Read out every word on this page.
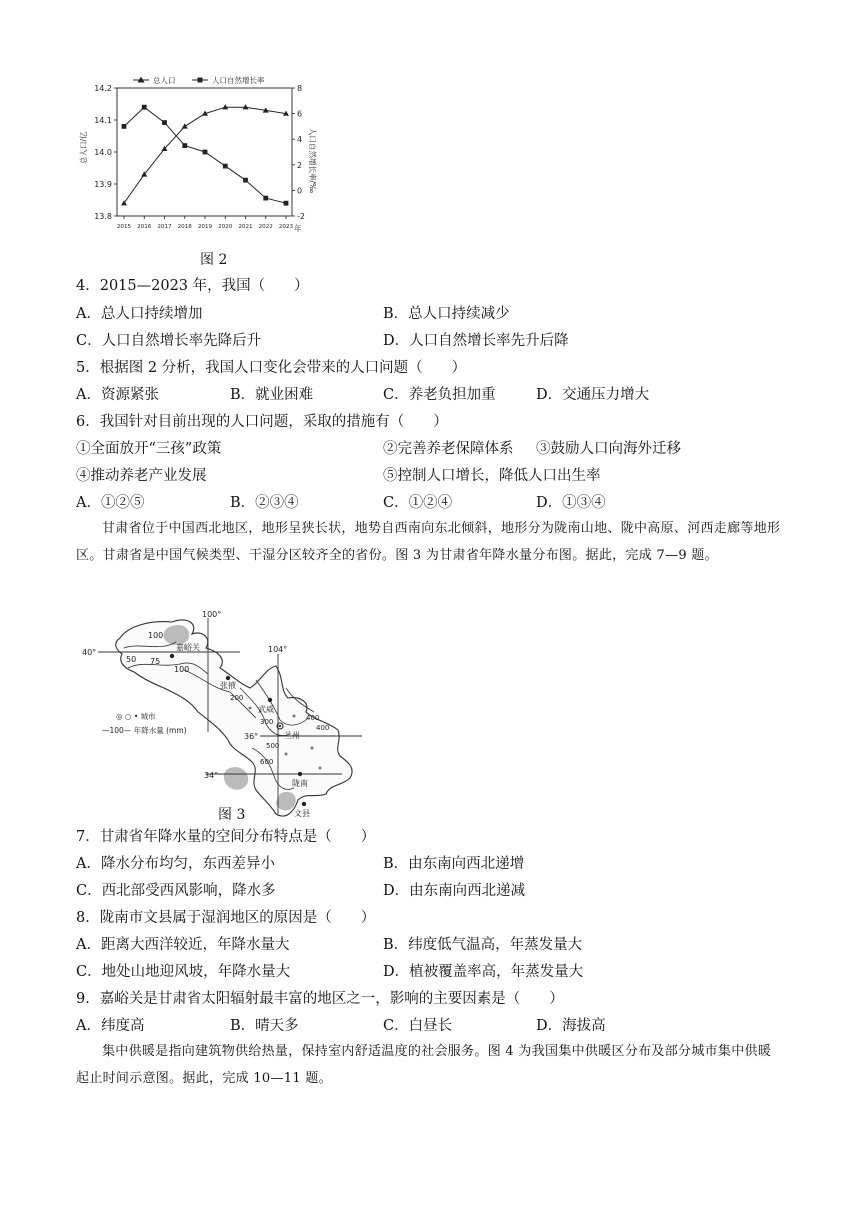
总人口	人口自然增长率
13.8
13.9
14.0
14.1
14.2
-2
0
2
4
6
8
2015 2016 2017 2018 2019 2020 2021 2022 2023
总人口/亿	人口自然增长率/‰
年
图 2
4．2015—2023 年，我国（　　）
A．总人口持续增加	B．总人口持续减少
C．人口自然增长率先降后升	D．人口自然增长率先升后降
5．根据图 2 分析，我国人口变化会带来的人口问题（　　）
A．资源紧张	B．就业困难	C．养老负担加重	D．交通压力增大
6．我国针对目前出现的人口问题，采取的措施有（　　）
①全面放开“三孩”政策	②完善养老保障体系 ③鼓励人口向海外迁移
④推动养老产业发展	⑤控制人口增长，降低人口出生率
A．①②⑤	B．②③④	C．①②④	D．①③④
甘肃省位于中国西北地区，地形呈狭长状，地势自西南向东北倾斜，地形分为陇南山地、陇中高原、河西走廊等地形区。甘肃省是中国气候类型、干湿分区较齐全的省份。图 3 为甘肃省年降水量分布图。据此，完成 7—9 题。
100°
104°
40°
36°
34°
100
50 75
100
200
300	400
500
600
400
嘉峪关
张掖
武威
兰州
陇南
文县
◎ ○ • 城市
—100— 年降水量 (mm)
图 3
7．甘肃省年降水量的空间分布特点是（　　）
A．降水分布均匀，东西差异小	B．由东南向西北递增
C．西北部受西风影响，降水多	D．由东南向西北递减
8．陇南市文县属于湿润地区的原因是（　　）
A．距离大西洋较近，年降水量大	B．纬度低气温高，年蒸发量大
C．地处山地迎风坡，年降水量大	D．植被覆盖率高，年蒸发量大
9．嘉峪关是甘肃省太阳辐射最丰富的地区之一，影响的主要因素是（　　）
A．纬度高	B．晴天多	C．白昼长	D．海拔高
集中供暖是指向建筑物供给热量，保持室内舒适温度的社会服务。图 4 为我国集中供暖区分布及部分城市集中供暖起止时间示意图。据此，完成 10—11 题。
